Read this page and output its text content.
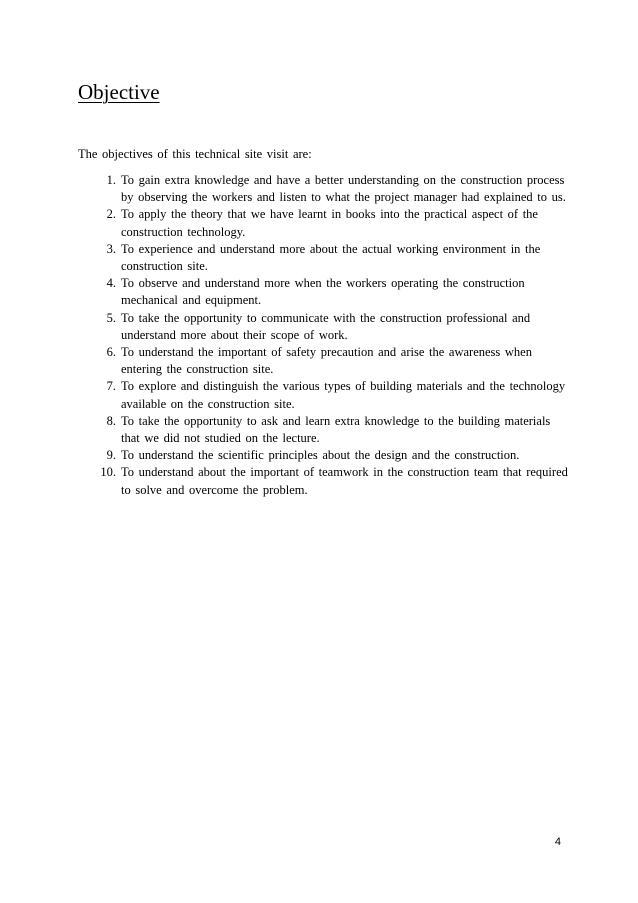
Objective

The objectives of this technical site visit are:

1. To gain extra knowledge and have a better understanding on the construction process by observing the workers and listen to what the project manager had explained to us.
2. To apply the theory that we have learnt in books into the practical aspect of the construction technology.
3. To experience and understand more about the actual working environment in the construction site.
4. To observe and understand more when the workers operating the construction mechanical and equipment.
5. To take the opportunity to communicate with the construction professional and understand more about their scope of work.
6. To understand the important of safety precaution and arise the awareness when entering the construction site.
7. To explore and distinguish the various types of building materials and the technology available on the construction site.
8. To take the opportunity to ask and learn extra knowledge to the building materials that we did not studied on the lecture.
9. To understand the scientific principles about the design and the construction.
10. To understand about the important of teamwork in the construction team that required to solve and overcome the problem.

4
